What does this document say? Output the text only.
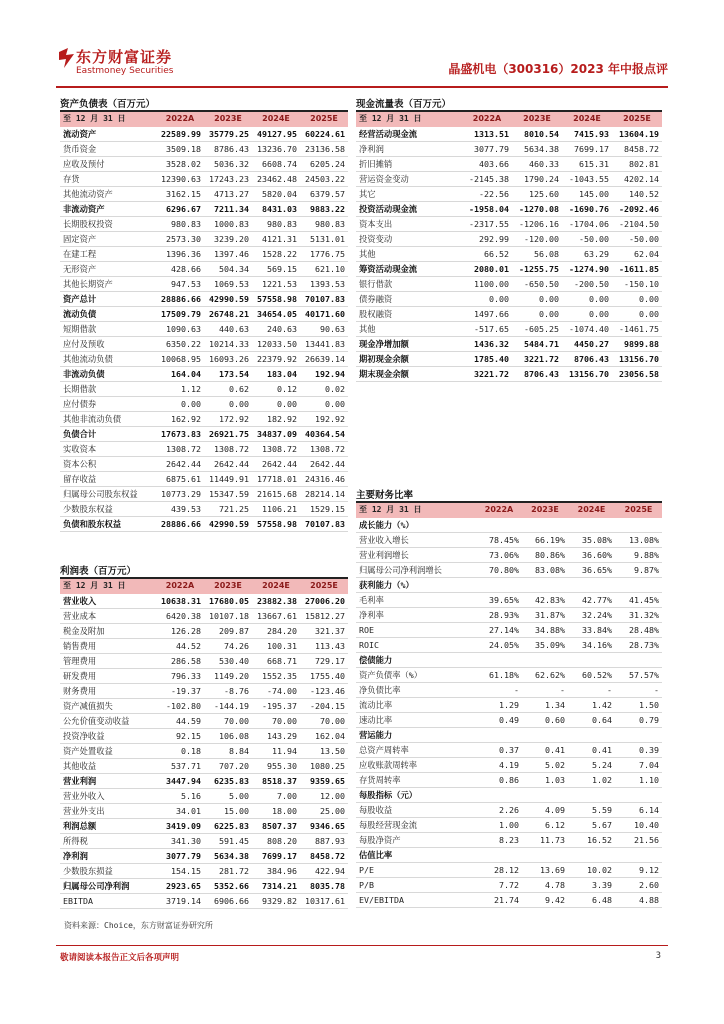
东方财富证券
Eastmoney Securities	晶盛机电（300316）2023 年中报点评
资产负债表（百万元）
至 12 月 31 日	2022A	2023E	2024E	2025E
流动资产	22589.99	35779.25	49127.95	60224.61
货币资金	3509.18	8786.43	13236.70	23136.58
应收及预付	3528.02	5036.32	6608.74	6205.24
存货	12390.63	17243.23	23462.48	24503.22
其他流动资产	3162.15	4713.27	5820.04	6379.57
非流动资产	6296.67	7211.34	8431.03	9883.22
长期股权投资	980.83	1000.83	980.83	980.83
固定资产	2573.30	3239.20	4121.31	5131.01
在建工程	1396.36	1397.46	1528.22	1776.75
无形资产	428.66	504.34	569.15	621.10
其他长期资产	947.53	1069.53	1221.53	1393.53
资产总计	28886.66	42990.59	57558.98	70107.83
流动负债	17509.79	26748.21	34654.05	40171.60
短期借款	1090.63	440.63	240.63	90.63
应付及预收	6350.22	10214.33	12033.50	13441.83
其他流动负债	10068.95	16093.26	22379.92	26639.14
非流动负债	164.04	173.54	183.04	192.94
长期借款	1.12	0.62	0.12	0.02
应付债券	0.00	0.00	0.00	0.00
其他非流动负债	162.92	172.92	182.92	192.92
负债合计	17673.83	26921.75	34837.09	40364.54
实收资本	1308.72	1308.72	1308.72	1308.72
资本公积	2642.44	2642.44	2642.44	2642.44
留存收益	6875.61	11449.91	17718.01	24316.46
归属母公司股东权益	10773.29	15347.59	21615.68	28214.14
少数股东权益	439.53	721.25	1106.21	1529.15
负债和股东权益	28886.66	42990.59	57558.98	70107.83
现金流量表（百万元）
至 12 月 31 日	2022A	2023E	2024E	2025E
经营活动现金流	1313.51	8010.54	7415.93	13604.19
净利润	3077.79	5634.38	7699.17	8458.72
折旧摊销	403.66	460.33	615.31	802.81
营运资金变动	-2145.38	1790.24	-1043.55	4202.14
其它	-22.56	125.60	145.00	140.52
投资活动现金流	-1958.04	-1270.08	-1690.76	-2092.46
资本支出	-2317.55	-1206.16	-1704.06	-2104.50
投资变动	292.99	-120.00	-50.00	-50.00
其他	66.52	56.08	63.29	62.04
筹资活动现金流	2080.01	-1255.75	-1274.90	-1611.85
银行借款	1100.00	-650.50	-200.50	-150.10
债券融资	0.00	0.00	0.00	0.00
股权融资	1497.66	0.00	0.00	0.00
其他	-517.65	-605.25	-1074.40	-1461.75
现金净增加额	1436.32	5484.71	4450.27	9899.88
期初现金余额	1785.40	3221.72	8706.43	13156.70
期末现金余额	3221.72	8706.43	13156.70	23056.58
利润表（百万元）
至 12 月 31 日	2022A	2023E	2024E	2025E
营业收入	10638.31	17680.05	23882.38	27006.20
营业成本	6420.38	10107.18	13667.61	15812.27
税金及附加	126.28	209.87	284.20	321.37
销售费用	44.52	74.26	100.31	113.43
管理费用	286.58	530.40	668.71	729.17
研发费用	796.33	1149.20	1552.35	1755.40
财务费用	-19.37	-8.76	-74.00	-123.46
资产减值损失	-102.80	-144.19	-195.37	-204.15
公允价值变动收益	44.59	70.00	70.00	70.00
投资净收益	92.15	106.08	143.29	162.04
资产处置收益	0.18	8.84	11.94	13.50
其他收益	537.71	707.20	955.30	1080.25
营业利润	3447.94	6235.83	8518.37	9359.65
营业外收入	5.16	5.00	7.00	12.00
营业外支出	34.01	15.00	18.00	25.00
利润总额	3419.09	6225.83	8507.37	9346.65
所得税	341.30	591.45	808.20	887.93
净利润	3077.79	5634.38	7699.17	8458.72
少数股东损益	154.15	281.72	384.96	422.94
归属母公司净利润	2923.65	5352.66	7314.21	8035.78
EBITDA	3719.14	6906.66	9329.82	10317.61
主要财务比率
至 12 月 31 日	2022A	2023E	2024E	2025E
成长能力（%）				
营业收入增长	78.45%	66.19%	35.08%	13.08%
营业利润增长	73.06%	80.86%	36.60%	9.88%
归属母公司净利润增长	70.80%	83.08%	36.65%	9.87%
获利能力（%）				
毛利率	39.65%	42.83%	42.77%	41.45%
净利率	28.93%	31.87%	32.24%	31.32%
ROE	27.14%	34.88%	33.84%	28.48%
ROIC	24.05%	35.09%	34.16%	28.73%
偿债能力				
资产负债率（%）	61.18%	62.62%	60.52%	57.57%
净负债比率	-	-	-	-
流动比率	1.29	1.34	1.42	1.50
速动比率	0.49	0.60	0.64	0.79
营运能力				
总资产周转率	0.37	0.41	0.41	0.39
应收账款周转率	4.19	5.02	5.24	7.04
存货周转率	0.86	1.03	1.02	1.10
每股指标（元）				
每股收益	2.26	4.09	5.59	6.14
每股经营现金流	1.00	6.12	5.67	10.40
每股净资产	8.23	11.73	16.52	21.56
估值比率				
P/E	28.12	13.69	10.02	9.12
P/B	7.72	4.78	3.39	2.60
EV/EBITDA	21.74	9.42	6.48	4.88
资料来源：Choice，东方财富证券研究所
敬请阅读本报告正文后各项声明	3
